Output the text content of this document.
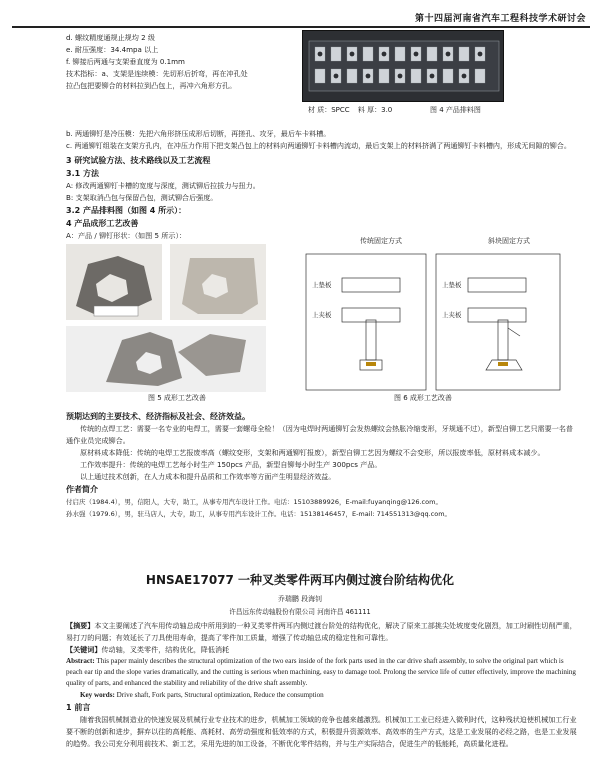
第十四届河南省汽车工程科技学术研讨会
d. 螺纹精度通规止规均 2 级
e. 耐压强度：34.4mpa 以上
f. 铆接后两通与支架垂直度为 0.1mm
技术指标：a、支架是连续模：先切形后折弯，再在冲孔处
拉凸包把要铆合的材料拉到凸包上，再冲六角形方孔。
材 质：SPCC 料 厚：3.0	图 4 产品排料图
b. 两通铆钉是冷压模：先把六角形挤压成形后切断，再搓孔、攻牙，最后车卡料槽。
c. 两通铆钉组装在支架方孔内，在冲压力作用下把支架凸包上的材料向两通铆钉卡料槽内流动，最后支架上的材料挤满了两通铆钉卡料槽内，形成无间隙的铆合。
3 研究试验方法、技术路线以及工艺流程
3.1 方法
A: 修改两通铆钉卡槽的宽度与深度，测试铆后拉拔力与扭力。
B: 支架取消凸包与保留凸包，测试铆合后强度。
3.2 产品排料图（如图 4 所示）：
4 产品成形工艺改善
A：产品 / 铆钉形状：（如图 5 所示）：
图 5 成形工艺改善
传统固定方式	斜块固定方式
上垫板
上夹板
上垫板
上夹板
图 6 成形工艺改善
预期达到的主要技术、经济指标及社会、经济效益。
传统的点焊工艺：需要一名专业的电焊工，需要一套螺母全检！（因为电焊时两通铆钉会发热螺纹会热胀冷缩变形，牙规通不过），新型自铆工艺只需要一名普通作业员完成铆合。
原材料成本降低：传统的电焊工艺报废率高（螺纹变形，支架和两通铆钉报废），新型自铆工艺因为螺纹不会变形，所以报废率低，原材料成本减少。
工作效率提升：传统的电焊工艺每小时生产 150pcs 产品，新型自铆每小时生产 300pcs 产品。
以上通过技术创新，在人力成本和提升品质和工作效率等方面产生明显经济效益。
作者简介
付启庆（1984.4），男，信阳人，大专，助工，从事专用汽车设计工作。电话：15103889926，E-mail:fuyanqing@126.com。
孙水强（1979.6），男，驻马店人，大专，助工，从事专用汽车设计工作。电话：15138146457，E-mail: 714551313@qq.com。
HNSAE17077 一种叉类零件两耳内侧过渡台阶结构优化
乔瑞鹏 段海钊
许昌远东传动轴股份有限公司 河南许昌 461111
【摘要】本文主要阐述了汽车用传动轴总成中所用到的一种叉类零件两耳内侧过渡台阶处的结构优化，解决了原来工部挑尖处坡度变化剧烈，加工时刷性切削严重，易打刀的问题；有效延长了刀具使用寿命，提高了零件加工质量，增强了传动轴总成的稳定性和可靠性。
【关键词】传动轴，叉类零件，结构优化，降低消耗
Abstract: This paper mainly describes the structural optimization of the two ears inside of the fork parts used in the car drive shaft assembly, to solve the original part which is peach ear tip and the slope varies dramatically, and the cutting is serious when machining, easy to damage tool. Prolong the service life of cutter effectively, improve the machining quality of parts, and enhanced the stability and reliability of the drive shaft assembly.
Key words: Drive shaft, Fork parts, Structural optimization, Reduce the consumption
1 前言
随着我国机械制造业的快速发展及机械行业专业技术的进步，机械加工领域的竞争也越来越激烈。机械加工工业已经进入微利时代，这种残状迫使机械加工行业要不断的创新和进步，摒弃以往的高耗能、高耗材、高劳动强度和低效率的方式，积极提升资源效率、高效率的生产方式，这是工业发展的必经之路，也是工业发展的趋势。我公司充分利用前技术、新工艺，采用先进的加工设备，不断优化零件结构，并与生产实际结合，促进生产的低能耗，高质量化进程。
